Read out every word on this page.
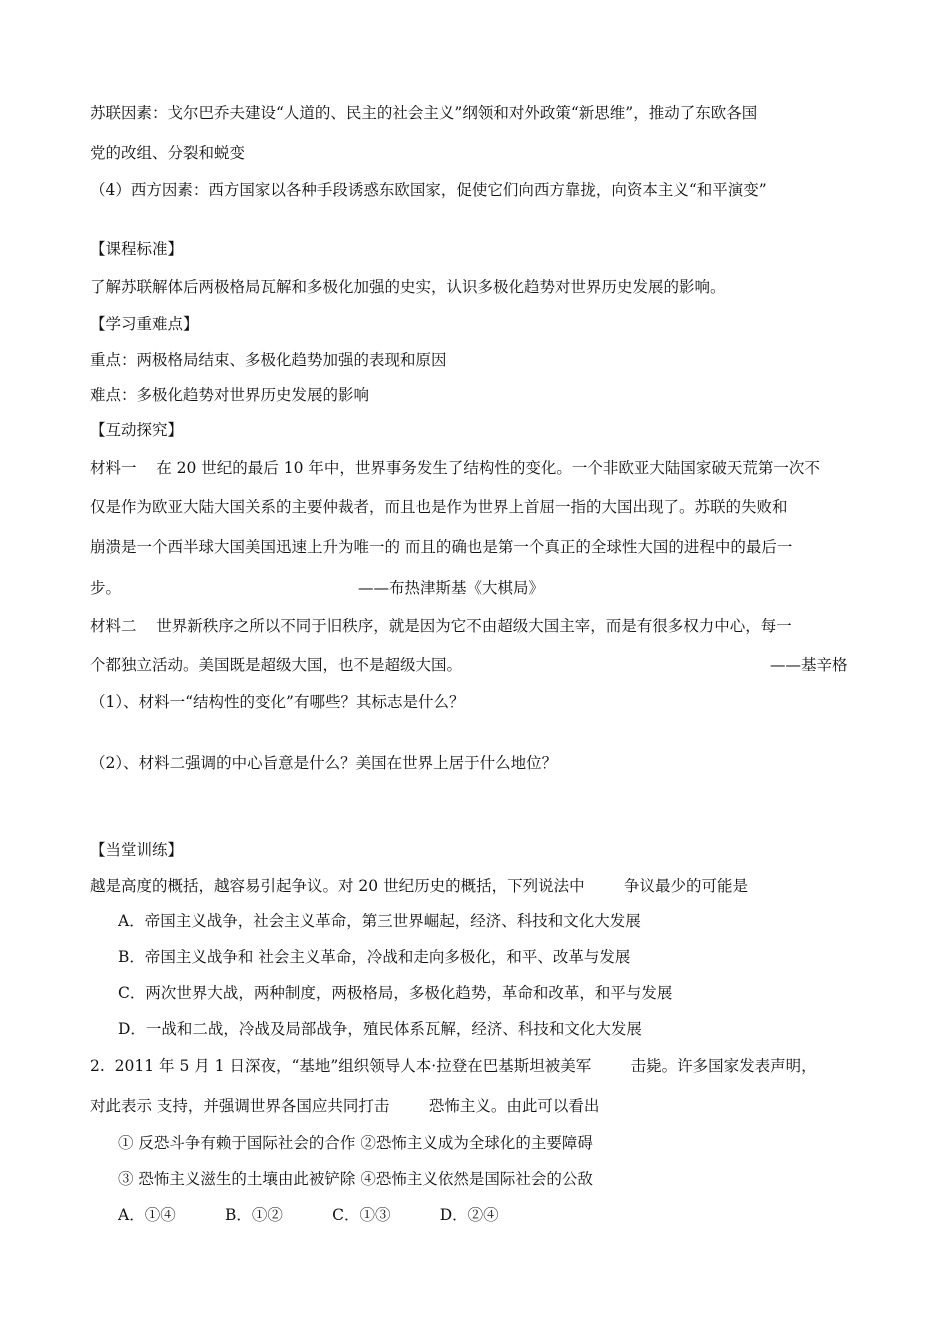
苏联因素：戈尔巴乔夫建设“人道的、民主的社会主义”纲领和对外政策“新思维”，推动了东欧各国
党的改组、分裂和蜕变
（4）西方因素：西方国家以各种手段诱惑东欧国家，促使它们向西方靠拢，向资本主义“和平演变”
【课程标准】
了解苏联解体后两极格局瓦解和多极化加强的史实，认识多极化趋势对世界历史发展的影响。
【学习重难点】
重点：两极格局结束、多极化趋势加强的表现和原因
难点：多极化趋势对世界历史发展的影响
【互动探究】
材料一    在 20 世纪的最后 10 年中，世界事务发生了结构性的变化。一个非欧亚大陆国家破天荒第一次不
仅是作为欧亚大陆大国关系的主要仲裁者，而且也是作为世界上首屈一指的大国出现了。苏联的失败和
崩溃是一个西半球大国美国迅速上升为唯一的 而且的确也是第一个真正的全球性大国的进程中的最后一
步。	——布热津斯基《大棋局》
材料二    世界新秩序之所以不同于旧秩序，就是因为它不由超级大国主宰，而是有很多权力中心，每一
个都独立活动。美国既是超级大国，也不是超级大国。	——基辛格
（1）、材料一“结构性的变化”有哪些？其标志是什么？
（2）、材料二强调的中心旨意是什么？美国在世界上居于什么地位？
【当堂训练】
越是高度的概括，越容易引起争议。对 20 世纪历史的概括，下列说法中        争议最少的可能是
A．帝国主义战争，社会主义革命，第三世界崛起，经济、科技和文化大发展
B．帝国主义战争和 社会主义革命，冷战和走向多极化，和平、改革与发展
C．两次世界大战，两种制度，两极格局，多极化趋势，革命和改革，和平与发展
D．一战和二战，冷战及局部战争，殖民体系瓦解，经济、科技和文化大发展
2.  2011 年 5 月 1 日深夜，“基地”组织领导人本·拉登在巴基斯坦被美军        击毙。许多国家发表声明，
对此表示 支持，并强调世界各国应共同打击        恐怖主义。由此可以看出
① 反恐斗争有赖于国际社会的合作 ②恐怖主义成为全球化的主要障碍
③ 恐怖主义滋生的土壤由此被铲除 ④恐怖主义依然是国际社会的公敌
A．①④          B．①②          C．①③          D．②④
